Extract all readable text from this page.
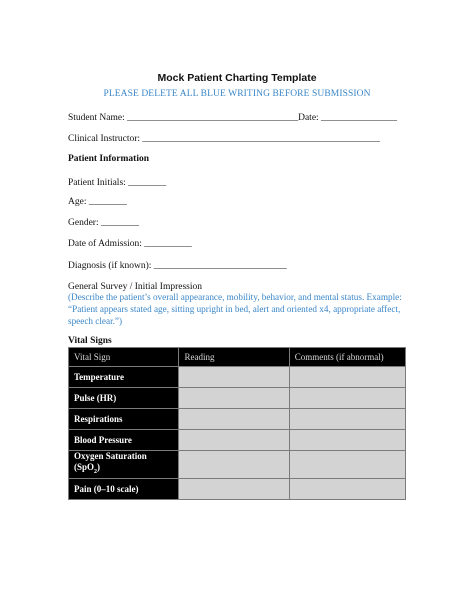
Mock Patient Charting Template
PLEASE DELETE ALL BLUE WRITING BEFORE SUBMISSION
Student Name: ____________________________________Date: ________________
Clinical Instructor: __________________________________________________
Patient Information
Patient Initials: ________
Age: ________
Gender: ________
Date of Admission: __________
Diagnosis (if known): ____________________________
General Survey / Initial Impression
(Describe the patient’s overall appearance, mobility, behavior, and mental status. Example: “Patient appears stated age, sitting upright in bed, alert and oriented x4, appropriate affect, speech clear.”)
Vital Signs
Vital Sign	Reading	Comments (if abnormal)
Temperature		
Pulse (HR)		
Respirations		
Blood Pressure		
Oxygen Saturation
(SpO$_2$)		
Pain (0–10 scale)		
